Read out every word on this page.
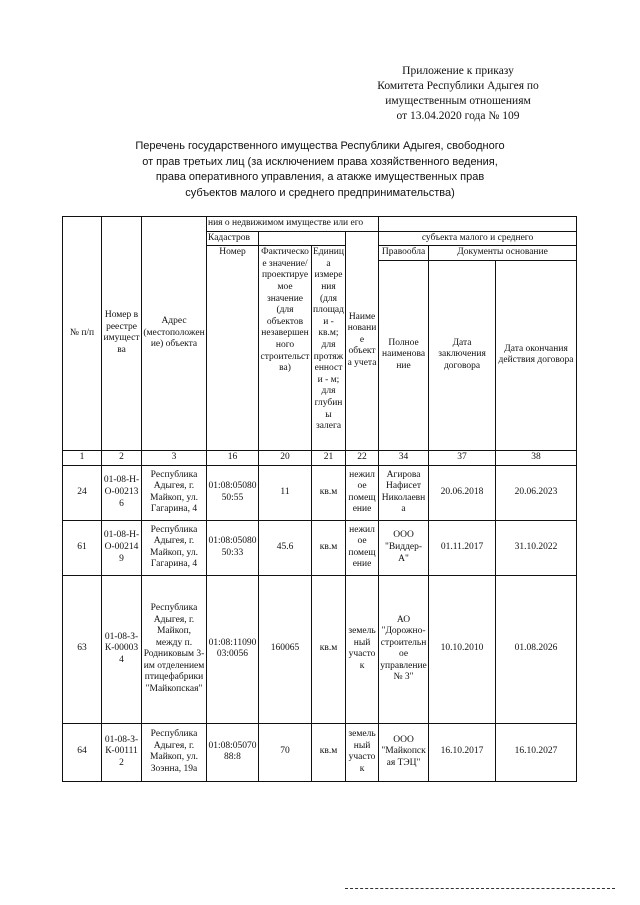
Приложение к приказу
Комитета Республики Адыгея по
имущественным отношениям
от 13.04.2020 года № 109
Перечень государственного имущества Республики Адыгея, свободного
от прав третьих лиц (за исключением права хозяйственного ведения,
права оперативного управления, а атакже имущественных прав
субъектов малого и среднего предпринимательства)
№ п/п	Номер в реестре имущества	Адрес (местоположение) объекта	ния о недвижимом имуществе или его						
			Кадастров			Наименование объекта учета	субъекта малого и среднего		
			Номер	Фактическое значение/ проектируемое значение (для объектов незавершенного строительства)	Единица измерения (для площади - кв.м; для протяженности - м; для глубины залега		Правообла	Документы основание	
							Полное наименование	Дата заключения договора	Дата окончания действия договора
1	2	3	16	20	21	22	34	37	38
24	01-08-Н-О-002136	Республика Адыгея, г. Майкоп, ул. Гагарина, 4	01:08:0508050:55	11	кв.м	нежилое помещение	Агирова Нафисет Николаевна	20.06.2018	20.06.2023
61	01-08-Н-О-002149	Республика Адыгея, г. Майкоп, ул. Гагарина, 4	01:08:0508050:33	45.6	кв.м	нежилое помещение	ООО "Виддер-А"	01.11.2017	31.10.2022
63	01-08-З-К-000034	Республика Адыгея, г. Майкоп, между п. Родниковым 3-им отделением птицефабрики "Майкопская"	01:08:1109003:0056	160065	кв.м	земельный участок	АО "Дорожно-строительное управление № 3"	10.10.2010	01.08.2026
64	01-08-З-К-001112	Республика Адыгея, г. Майкоп, ул. Зоэнна, 19а	01:08:0507088:8	70	кв.м	земельный участок	ООО "Майкопская ТЭЦ"	16.10.2017	16.10.2027
